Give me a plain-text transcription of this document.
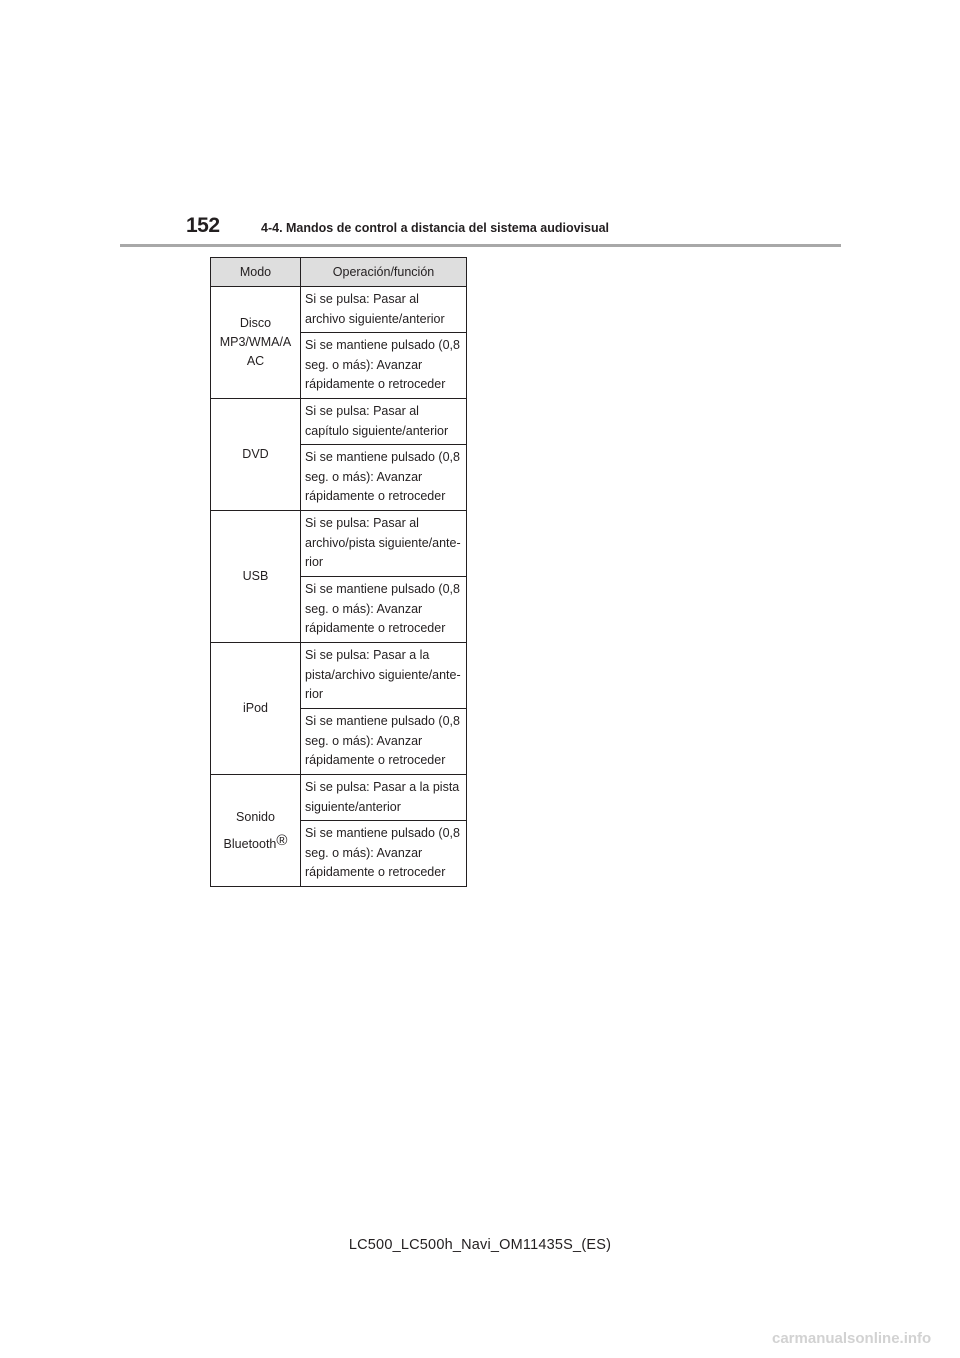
152	4-4. Mandos de control a distancia del sistema audiovisual
Modo	Operación/función
Disco
MP3/WMA/A
AC	Si se pulsa: Pasar al archivo siguiente/anterior
	Si se mantiene pulsado (0,8 seg. o más): Avanzar rápidamente o retroceder
DVD	Si se pulsa: Pasar al capítulo siguiente/anterior
	Si se mantiene pulsado (0,8 seg. o más): Avanzar rápidamente o retroceder
USB	Si se pulsa: Pasar al archivo/pista siguiente/ante-rior
	Si se mantiene pulsado (0,8 seg. o más): Avanzar rápidamente o retroceder
iPod	Si se pulsa: Pasar a la pista/archivo siguiente/ante-rior
	Si se mantiene pulsado (0,8 seg. o más): Avanzar rápidamente o retroceder
Sonido
Bluetooth®	Si se pulsa: Pasar a la pista siguiente/anterior
	Si se mantiene pulsado (0,8 seg. o más): Avanzar rápidamente o retroceder
LC500_LC500h_Navi_OM11435S_(ES)
carmanualsonline.info
